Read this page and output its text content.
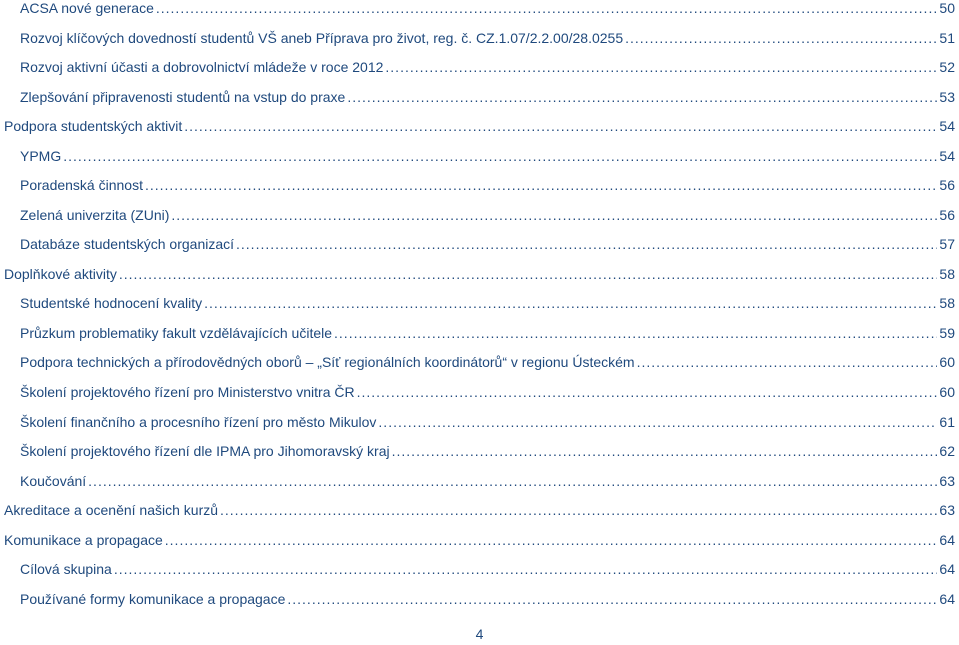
ACSA nové generace .....	50
Rozvoj klíčových dovedností studentů VŠ aneb Příprava pro život, reg. č. CZ.1.07/2.2.00/28.0255 .....	51
Rozvoj aktivní účasti a dobrovolnictví mládeže v roce 2012 .....	52
Zlepšování připravenosti studentů na vstup do praxe .....	53
Podpora studentských aktivit .....	54
YPMG .....	54
Poradenská činnost .....	56
Zelená univerzita (ZUni) .....	56
Databáze studentských organizací .....	57
Doplňkové aktivity .....	58
Studentské hodnocení kvality .....	58
Průzkum problematiky fakult vzdělávajících učitele .....	59
Podpora technických a přírodovědných oborů – „Síť regionálních koordinátorů“ v regionu Ústeckém .....	60
Školení projektového řízení pro Ministerstvo vnitra ČR .....	60
Školení finančního a procesního řízení pro město Mikulov .....	61
Školení projektového řízení dle IPMA pro Jihomoravský kraj .....	62
Koučování .....	63
Akreditace a ocenění našich kurzů .....	63
Komunikace a propagace .....	64
Cílová skupina .....	64
Používané formy komunikace a propagace .....	64
4
